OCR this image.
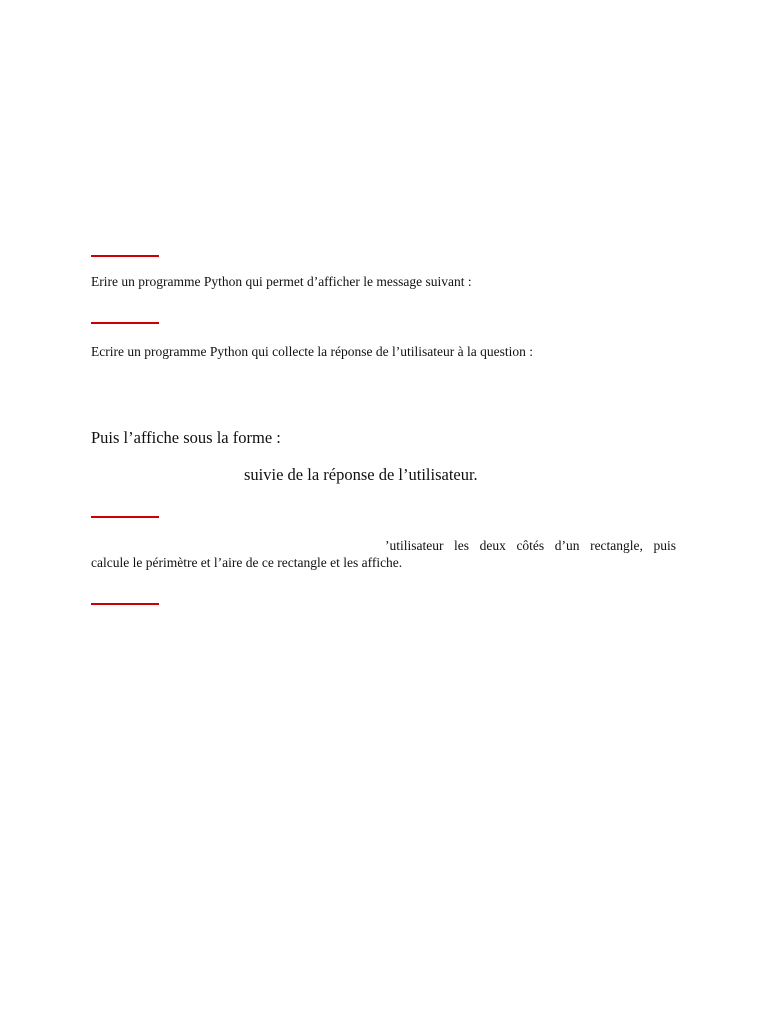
Erire un programme Python qui permet d’afficher le message suivant :
Ecrire un programme Python qui collecte la réponse de l’utilisateur à la question :
Puis l’affiche sous la forme :
suivie de la réponse de l’utilisateur.
’utilisateur les deux côtés d’un rectangle, puis
calcule le périmètre et l’aire de ce rectangle et les affiche.
